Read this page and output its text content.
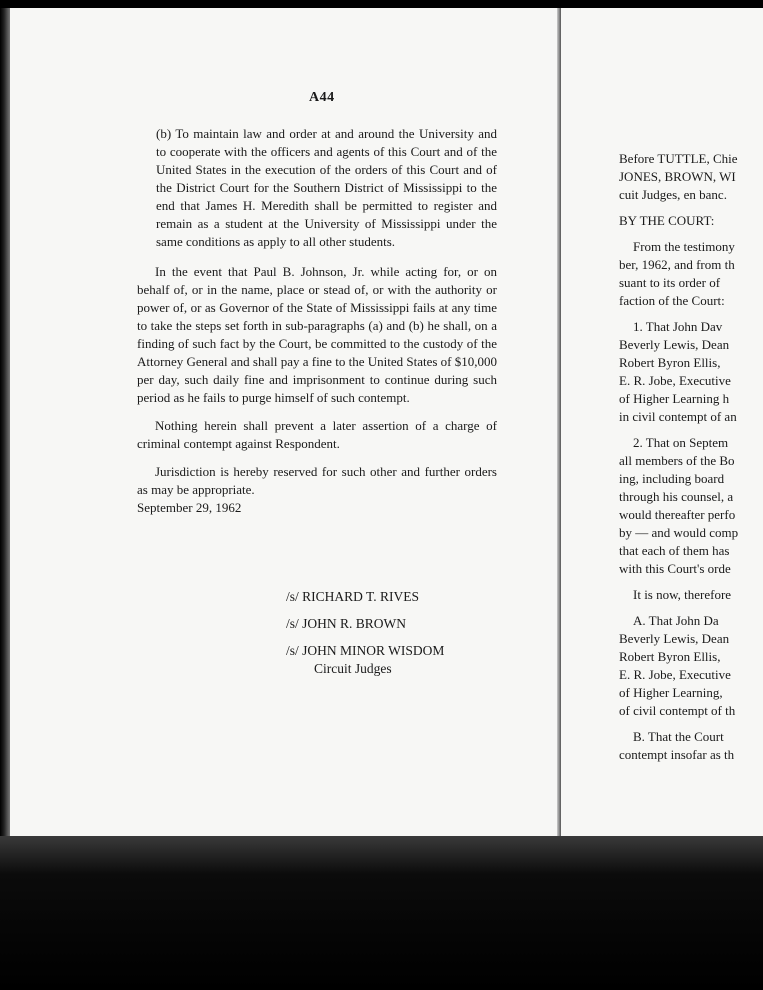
Before TUTTLE, Chie

JONES, BROWN, WI

cuit Judges, en banc.

BY THE COURT:

From the testimony

ber, 1962, and from th

suant to its order of

faction of the Court:

1. That John Dav

Beverly Lewis, Dean

Robert Byron Ellis,

E. R. Jobe, Executive

of Higher Learning h

in civil contempt of an

2. That on Septem

all members of the Bo

ing, including board

through his counsel, a

would thereafter perfo

by — and would comp

that each of them has

with this Court's orde

It is now, therefore

A. That John Da

Beverly Lewis, Dean

Robert Byron Ellis,

E. R. Jobe, Executive

of Higher Learning,

of civil contempt of th

B. That the Court

contempt insofar as th

A44

(b) To maintain law and order at and around the University and to cooperate with the officers and agents of this Court and of the United States in the execution of the orders of this Court and of the District Court for the Southern District of Mississippi to the end that James H. Meredith shall be permitted to register and remain as a student at the University of Mississippi under the same conditions as apply to all other students.

In the event that Paul B. Johnson, Jr. while acting for, or on behalf of, or in the name, place or stead of, or with the authority or power of, or as Governor of the State of Mississippi fails at any time to take the steps set forth in sub-paragraphs (a) and (b) he shall, on a finding of such fact by the Court, be committed to the custody of the Attorney General and shall pay a fine to the United States of $10,000 per day, such daily fine and imprisonment to continue during such period as he fails to purge himself of such contempt.

Nothing herein shall prevent a later assertion of a charge of criminal contempt against Respondent.

Jurisdiction is hereby reserved for such other and further orders as may be appropriate.

September 29, 1962
/s/ RICHARD T. RIVES
/s/ JOHN R. BROWN
/s/ JOHN MINOR WISDOM
Circuit Judges
